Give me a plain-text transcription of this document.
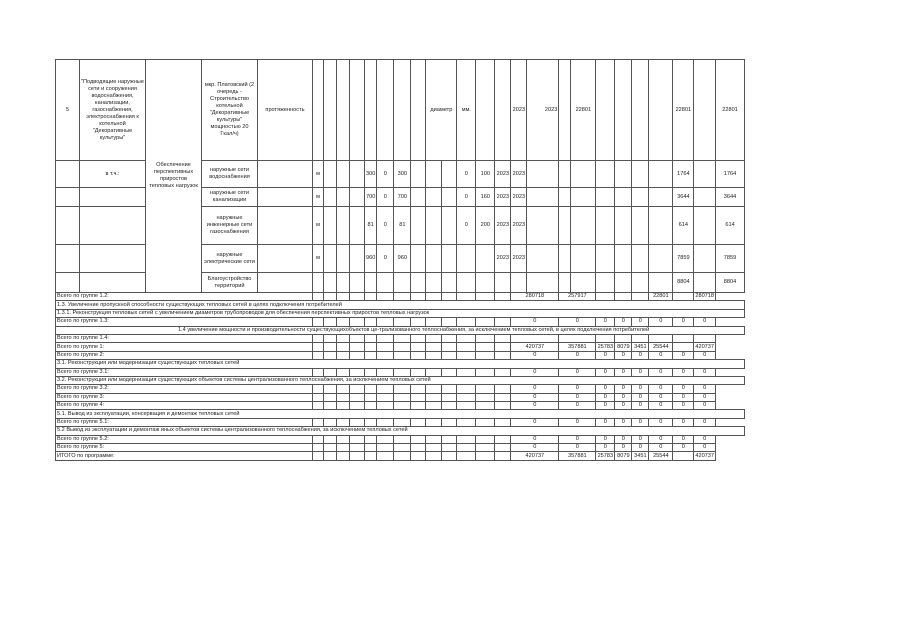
5	"Подводящие наружные сети и сооружения водоснабжения, канализации, газоснабжения, электроснабжения к котельной "Декоративные культуры"	Обеспечение перспективных приростов тепловых нагрузок	мкр. Платовский (2 очередь - Строительство котельной "Декоративные культуры" мощностью 20 Гкал/ч)	протяженность									диаметр		мм.			2023	2023		22801					22801		22801
	в т.ч.:		наружные сети водоснабжения		м				300	0	300				0	100	2023	2023								1764		1764
			наружные сети канализации		м				700	0	700				0	160	2023	2023								3644		3644
			наружные инженерные сети газоснабжения		м				81	0	81				0	200	2023	2023								614		614
			наружные электрические сети		м				960	0	960						2023	2023								7859		7859
			Благоустройство территорий																							8804		8804
Всего по группе 1.2:																		280718		257917					22801		280718	
1.3. Увеличение пропускной способности существующих тепловых сетей в целях подключения потребителей																												
1.3.1. Реконструкция тепловых сетей с увеличением диаметров трубопроводов для обеспечения перспективных приростов тепловых нагрузок																												
Всего по группе 1.3:																		0		0		0	0	0	0	0	0	
1.4 увеличение мощности и производительности существующихобъектов це-трализованного теплоснабжения, за исключением тепловых сетей, в целях подключения потребителей																												
Всего по группе 1.4:																												
Всего по группе 1:																		420737		357881		25783	8079	3451	25544		420737	
Всего по группе 2:																		0		0		0	0	0	0	0	0	
3.1. Реконструкция или модернизация существующих тепловых сетей																												
Всего по группе 3.1:																		0		0		0	0	0	0	0	0	
3.2. Реконструкция или модернизация существующих объектов системы централизованного теплоснабжения, за исключением тепловых сетей																												
Всего по группе 3.2:																		0		0		0	0	0	0	0	0	
Всего по группе 3:																		0		0		0	0	0	0	0	0	
Всего по группе 4:																		0		0		0	0	0	0	0	0	
5.1. Вывод из эксплуатации, консервация и демонтаж тепловых сетей																												
Всего по группе 5.1:																		0		0		0	0	0	0	0	0	
5.2 Вывод из эксплуатации и демонтаж иных объектов системы централизованного теплоснабжения, за исключением тепловых сетей																												
Всего по группе 5.2:																		0		0		0	0	0	0	0	0	
Всего по группе 5:																		0		0		0	0	0	0	0	0	
ИТОГО по программе:																		420737		357881		25783	8079	3451	25544		420737	
